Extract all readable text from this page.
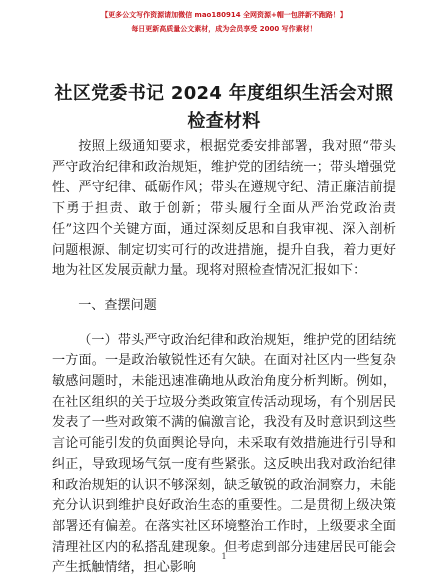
【更多公文写作资源请加微信 mao180914 全网资源+帽一包胖新不跑路！】
每日更新高质量公文素材，成为会员享受 2000 写作素材！
社区党委书记 2024 年度组织生活会对照检查材料

按照上级通知要求，根据党委安排部署，我对照“带头严守政治纪律和政治规矩，维护党的团结统一；带头增强党性、严守纪律、砥砺作风；带头在遵规守纪、清正廉洁前提下勇于担责、敢于创新；带头履行全面从严治党政治责任”这四个关键方面，通过深刻反思和自我审视、深入剖析问题根源、制定切实可行的改进措施，提升自我，着力更好地为社区发展贡献力量。现将对照检查情况汇报如下：

一、查摆问题

（一）带头严守政治纪律和政治规矩，维护党的团结统一方面。一是政治敏锐性还有欠缺。在面对社区内一些复杂敏感问题时，未能迅速准确地从政治角度分析判断。例如，在社区组织的关于垃圾分类政策宣传活动现场，有个别居民发表了一些对政策不满的偏激言论，我没有及时意识到这些言论可能引发的负面舆论导向，未采取有效措施进行引导和纠正，导致现场气氛一度有些紧张。这反映出我对政治纪律和政治规矩的认识不够深刻，缺乏敏锐的政治洞察力，未能充分认识到维护良好政治生态的重要性。二是贯彻上级决策部署还有偏差。在落实社区环境整治工作时，上级要求全面清理社区内的私搭乱建现象。但考虑到部分违建居民可能会产生抵触情绪，担心影响

1
